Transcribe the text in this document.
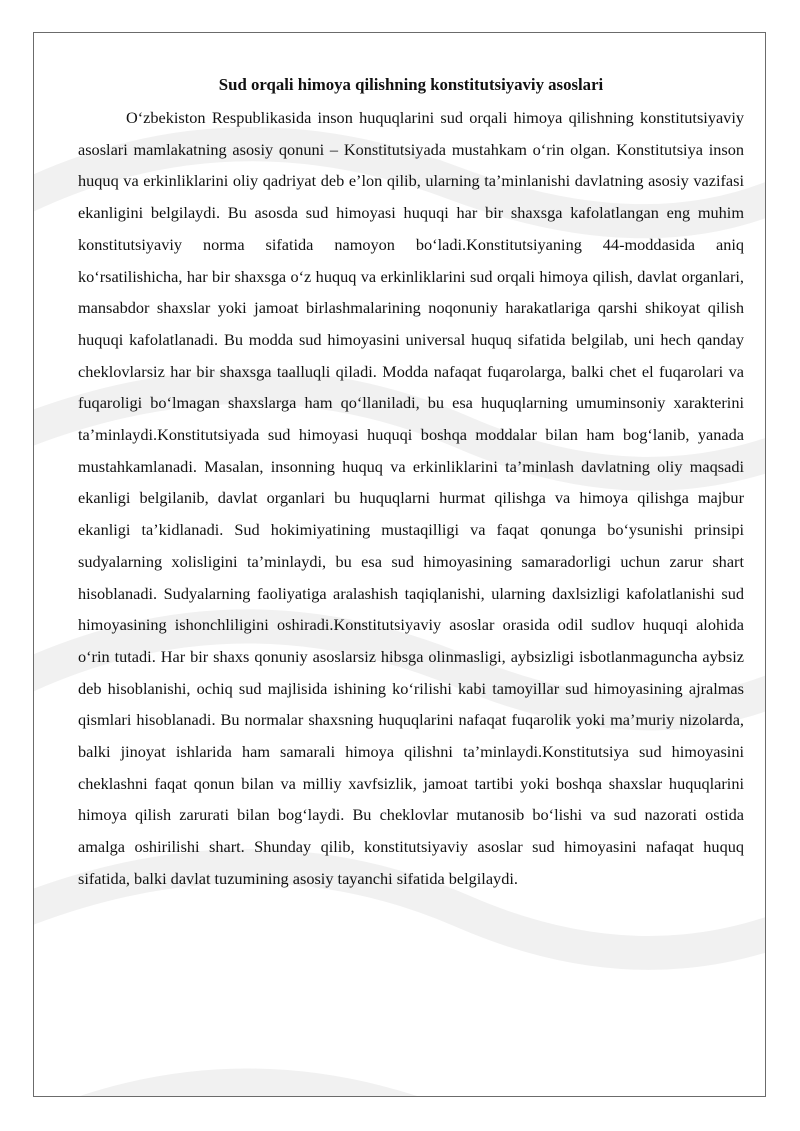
Sud orqali himoya qilishning konstitutsiyaviy asoslari

O‘zbekiston Respublikasida inson huquqlarini sud orqali himoya qilishning konstitutsiyaviy asoslari mamlakatning asosiy qonuni – Konstitutsiyada mustahkam o‘rin olgan. Konstitutsiya inson huquq va erkinliklarini oliy qadriyat deb e’lon qilib, ularning ta’minlanishi davlatning asosiy vazifasi ekanligini belgilaydi. Bu asosda sud himoyasi huquqi har bir shaxsga kafolatlangan eng muhim konstitutsiyaviy norma sifatida namoyon bo‘ladi.Konstitutsiyaning 44-moddasida aniq ko‘rsatilishicha, har bir shaxsga o‘z huquq va erkinliklarini sud orqali himoya qilish, davlat organlari, mansabdor shaxslar yoki jamoat birlashmalarining noqonuniy harakatlariga qarshi shikoyat qilish huquqi kafolatlanadi. Bu modda sud himoyasini universal huquq sifatida belgilab, uni hech qanday cheklovlarsiz har bir shaxsga taalluqli qiladi. Modda nafaqat fuqarolarga, balki chet el fuqarolari va fuqaroligi bo‘lmagan shaxslarga ham qo‘llaniladi, bu esa huquqlarning umuminsoniy xarakterini ta’minlaydi.Konstitutsiyada sud himoyasi huquqi boshqa moddalar bilan ham bog‘lanib, yanada mustahkamlanadi. Masalan, insonning huquq va erkinliklarini ta’minlash davlatning oliy maqsadi ekanligi belgilanib, davlat organlari bu huquqlarni hurmat qilishga va himoya qilishga majbur ekanligi ta’kidlanadi. Sud hokimiyatining mustaqilligi va faqat qonunga bo‘ysunishi prinsipi sudyalarning xolisligini ta’minlaydi, bu esa sud himoyasining samaradorligi uchun zarur shart hisoblanadi. Sudyalarning faoliyatiga aralashish taqiqlanishi, ularning daxlsizligi kafolatlanishi sud himoyasining ishonchliligini oshiradi.Konstitutsiyaviy asoslar orasida odil sudlov huquqi alohida o‘rin tutadi. Har bir shaxs qonuniy asoslarsiz hibsga olinmasligi, aybsizligi isbotlanmaguncha aybsiz deb hisoblanishi, ochiq sud majlisida ishining ko‘rilishi kabi tamoyillar sud himoyasining ajralmas qismlari hisoblanadi. Bu normalar shaxsning huquqlarini nafaqat fuqarolik yoki ma’muriy nizolarda, balki jinoyat ishlarida ham samarali himoya qilishni ta’minlaydi.Konstitutsiya sud himoyasini cheklashni faqat qonun bilan va milliy xavfsizlik, jamoat tartibi yoki boshqa shaxslar huquqlarini himoya qilish zarurati bilan bog‘laydi. Bu cheklovlar mutanosib bo‘lishi va sud nazorati ostida amalga oshirilishi shart. Shunday qilib, konstitutsiyaviy asoslar sud himoyasini nafaqat huquq sifatida, balki davlat tuzumining asosiy tayanchi sifatida belgilaydi.
